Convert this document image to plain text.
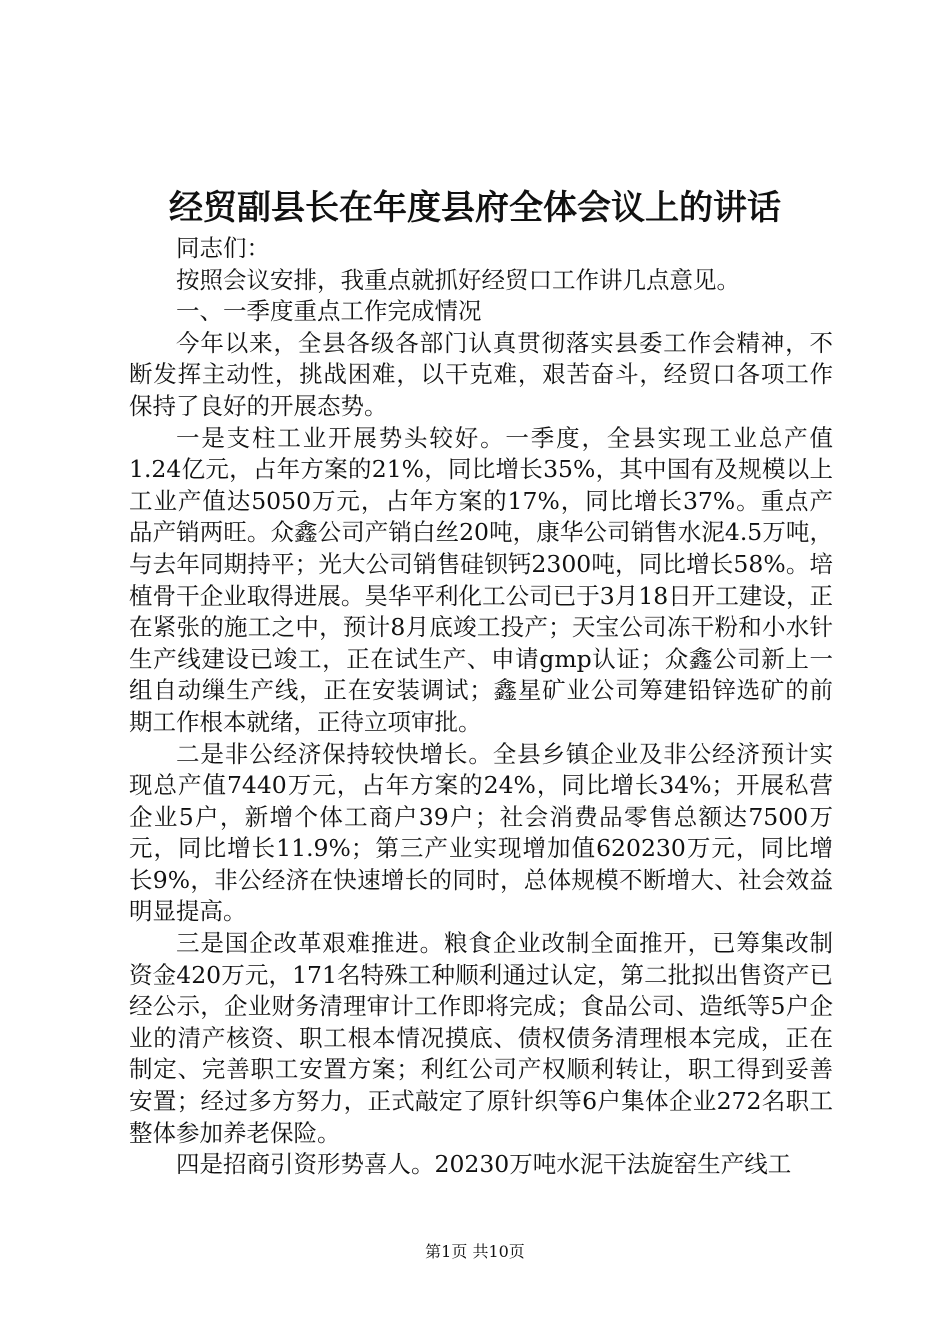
经贸副县长在年度县府全体会议上的讲话

同志们：

按照会议安排，我重点就抓好经贸口工作讲几点意见。

一、一季度重点工作完成情况

今年以来，全县各级各部门认真贯彻落实县委工作会精神，不断发挥主动性，挑战困难，以干克难，艰苦奋斗，经贸口各项工作保持了良好的开展态势。

一是支柱工业开展势头较好。一季度，全县实现工业总产值1.24亿元，占年方案的21%，同比增长35%，其中国有及规模以上工业产值达5050万元，占年方案的17%，同比增长37%。重点产品产销两旺。众鑫公司产销白丝20吨，康华公司销售水泥4.5万吨，与去年同期持平；光大公司销售硅钡钙2300吨，同比增长58%。培植骨干企业取得进展。昊华平利化工公司已于3月18日开工建设，正在紧张的施工之中，预计8月底竣工投产；天宝公司冻干粉和小水针生产线建设已竣工，正在试生产、申请gmp认证；众鑫公司新上一组自动缫生产线，正在安装调试；鑫星矿业公司筹建铅锌选矿的前期工作根本就绪，正待立项审批。

二是非公经济保持较快增长。全县乡镇企业及非公经济预计实现总产值7440万元，占年方案的24%，同比增长34%；开展私营企业5户，新增个体工商户39户；社会消费品零售总额达7500万元，同比增长11.9%；第三产业实现增加值620230万元，同比增长9%，非公经济在快速增长的同时，总体规模不断增大、社会效益明显提高。

三是国企改革艰难推进。粮食企业改制全面推开，已筹集改制资金420万元，171名特殊工种顺利通过认定，第二批拟出售资产已经公示，企业财务清理审计工作即将完成；食品公司、造纸等5户企业的清产核资、职工根本情况摸底、债权债务清理根本完成，正在制定、完善职工安置方案；利红公司产权顺利转让，职工得到妥善安置；经过多方努力，正式敲定了原针织等6户集体企业272名职工整体参加养老保险。

四是招商引资形势喜人。20230万吨水泥干法旋窑生产线工

第1页 共10页
